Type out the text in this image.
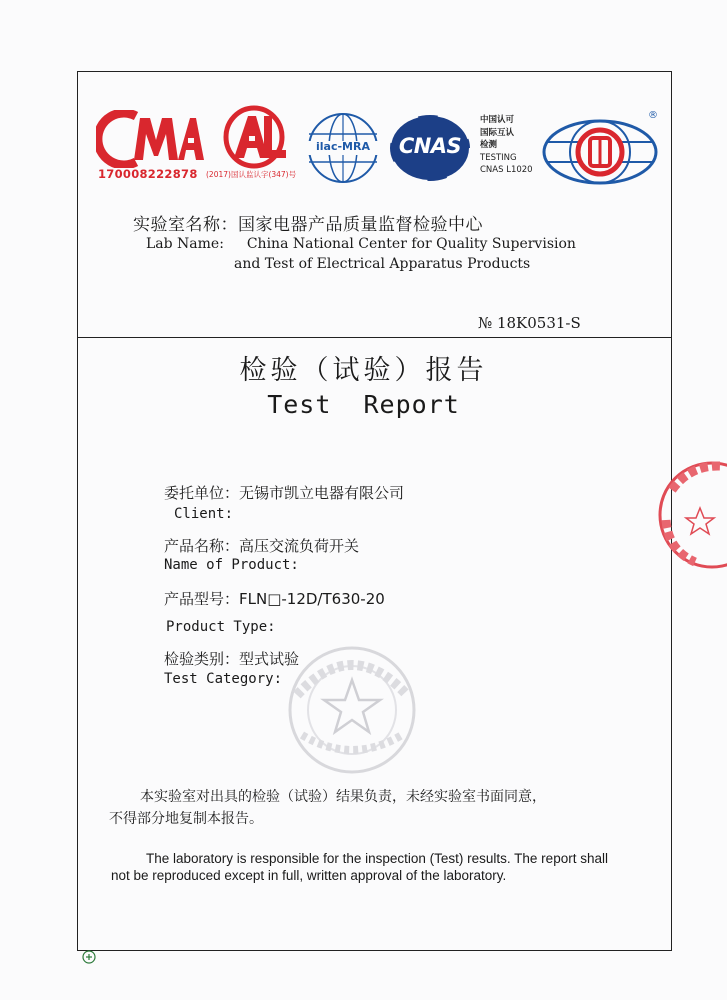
170008222878 (2017)国认监认字(347)号
ilac-MRA	CNAS
中国认可
国际互认
检测
TESTING
CNAS L1020
®
实验室名称：国家电器产品质量监督检验中心
Lab Name: China National Center for Quality Supervision
and Test of Electrical Apparatus Products
№ 18K0531-S
检验（试验）报告
Test  Report
委托单位：无锡市凯立电器有限公司
Client:
产品名称：高压交流负荷开关
Name of Product:
产品型号：FLN□-12D/T630-20
Product Type:
检验类别：型式试验
Test Category:
本实验室对出具的检验（试验）结果负责，未经实验室书面同意，
不得部分地复制本报告。
The laboratory is responsible for the inspection (Test) results. The report shall
not be reproduced except in full, written approval of the laboratory.
